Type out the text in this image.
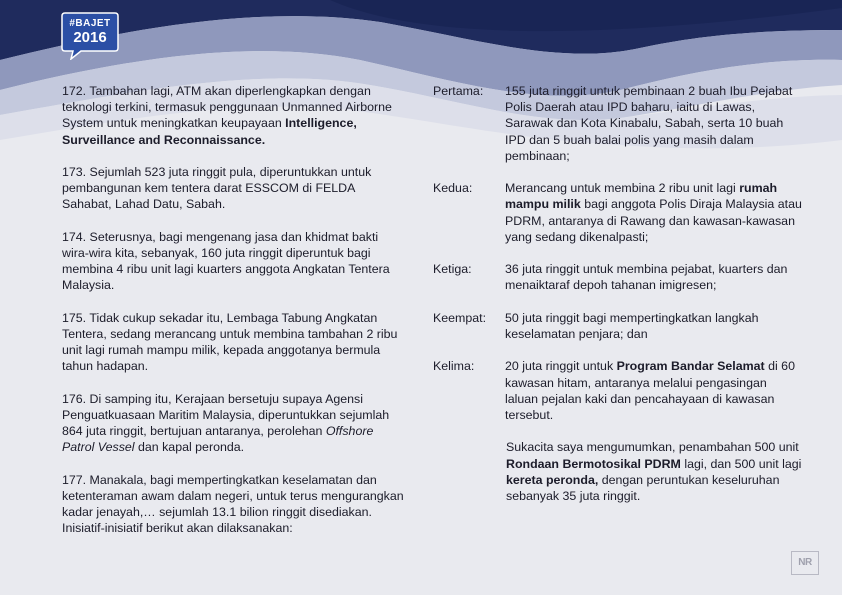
#BAJET
2016

172. Tambahan lagi, ATM akan diperlengkapkan dengan teknologi terkini, termasuk penggunaan Unmanned Airborne System untuk meningkatkan keupayaan Intelligence, Surveillance and Reconnaissance.

173. Sejumlah 523 juta ringgit pula, diperuntukkan untuk pembangunan kem tentera darat ESSCOM di FELDA Sahabat, Lahad Datu, Sabah.

174. Seterusnya, bagi mengenang jasa dan khidmat bakti wira-wira kita, sebanyak, 160 juta ringgit diperuntuk bagi membina 4 ribu unit lagi kuarters anggota Angkatan Tentera Malaysia.

175. Tidak cukup sekadar itu, Lembaga Tabung Angkatan Tentera, sedang merancang untuk membina tambahan 2 ribu unit lagi rumah mampu milik, kepada anggotanya bermula tahun hadapan.

176. Di samping itu, Kerajaan bersetuju supaya Agensi Penguatkuasaan Maritim Malaysia, diperuntukkan sejumlah 864 juta ringgit, bertujuan antaranya, perolehan Offshore Patrol Vessel dan kapal peronda.

177. Manakala, bagi mempertingkatkan keselamatan dan ketenteraman awam dalam negeri, untuk terus mengurangkan kadar jenayah,… sejumlah 13.1 bilion ringgit disediakan. Inisiatif-inisiatif berikut akan dilaksanakan:

Pertama:	155 juta ringgit untuk pembinaan 2 buah Ibu Pejabat Polis Daerah atau IPD baharu, iaitu di Lawas, Sarawak dan Kota Kinabalu, Sabah, serta 10 buah IPD dan 5 buah balai polis yang masih dalam pembinaan;
Kedua:	Merancang untuk membina 2 ribu unit lagi rumah mampu milik bagi anggota Polis Diraja Malaysia atau PDRM, antaranya di Rawang dan kawasan-kawasan yang sedang dikenalpasti;
Ketiga:	36 juta ringgit untuk membina pejabat, kuarters dan menaiktaraf depoh tahanan imigresen;
Keempat:	50 juta ringgit bagi mempertingkatkan langkah keselamatan penjara; dan
Kelima:	20 juta ringgit untuk Program Bandar Selamat di 60 kawasan hitam, antaranya melalui pengasingan laluan pejalan kaki dan pencahayaan di kawasan tersebut.
Sukacita saya mengumumkan, penambahan 500 unit Rondaan Bermotosikal PDRM lagi, dan 500 unit lagi kereta peronda, dengan peruntukan keseluruhan sebanyak 35 juta ringgit.
NR
